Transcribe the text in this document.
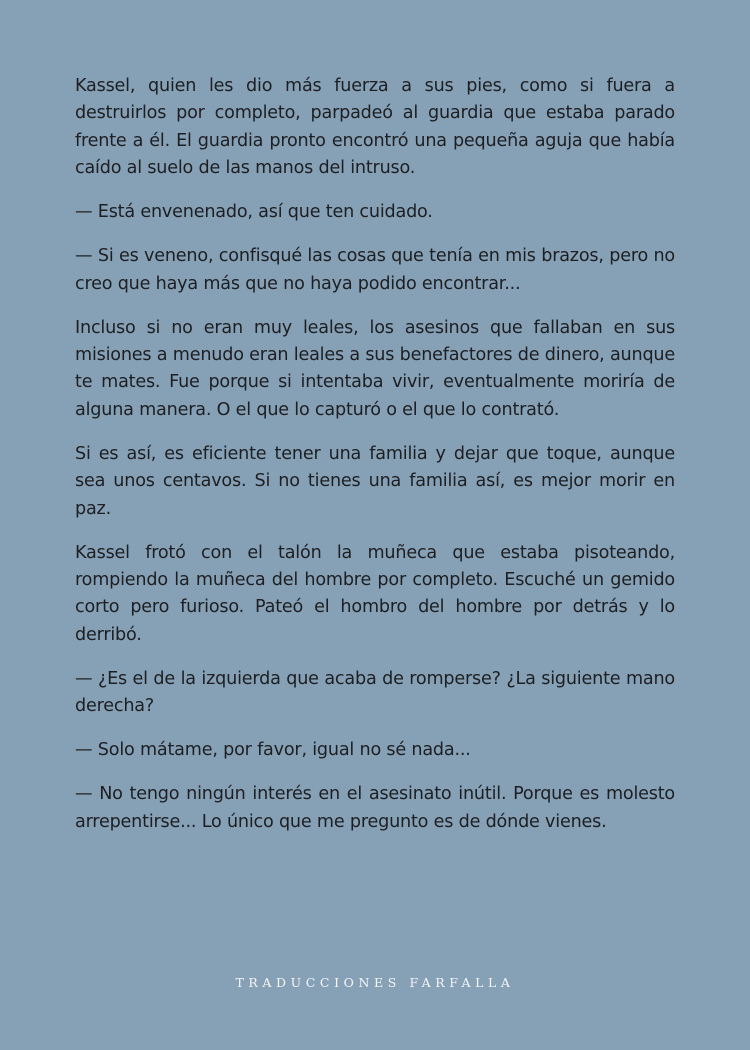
Kassel, quien les dio más fuerza a sus pies, como si fuera a destruirlos por completo, parpadeó al guardia que estaba parado frente a él. El guardia pronto encontró una pequeña aguja que había caído al suelo de las manos del intruso.

— Está envenenado, así que ten cuidado.

— Si es veneno, confisqué las cosas que tenía en mis brazos, pero no creo que haya más que no haya podido encontrar...

Incluso si no eran muy leales, los asesinos que fallaban en sus misiones a menudo eran leales a sus benefactores de dinero, aunque te mates. Fue porque si intentaba vivir, eventualmente moriría de alguna manera. O el que lo capturó o el que lo contrató.

Si es así, es eficiente tener una familia y dejar que toque, aunque sea unos centavos. Si no tienes una familia así, es mejor morir en paz.

Kassel frotó con el talón la muñeca que estaba pisoteando, rompiendo la muñeca del hombre por completo. Escuché un gemido corto pero furioso. Pateó el hombro del hombre por detrás y lo derribó.

— ¿Es el de la izquierda que acaba de romperse? ¿La siguiente mano derecha?

— Solo mátame, por favor, igual no sé nada...

— No tengo ningún interés en el asesinato inútil. Porque es molesto arrepentirse... Lo único que me pregunto es de dónde vienes.

TRADUCCIONES FARFALLA
